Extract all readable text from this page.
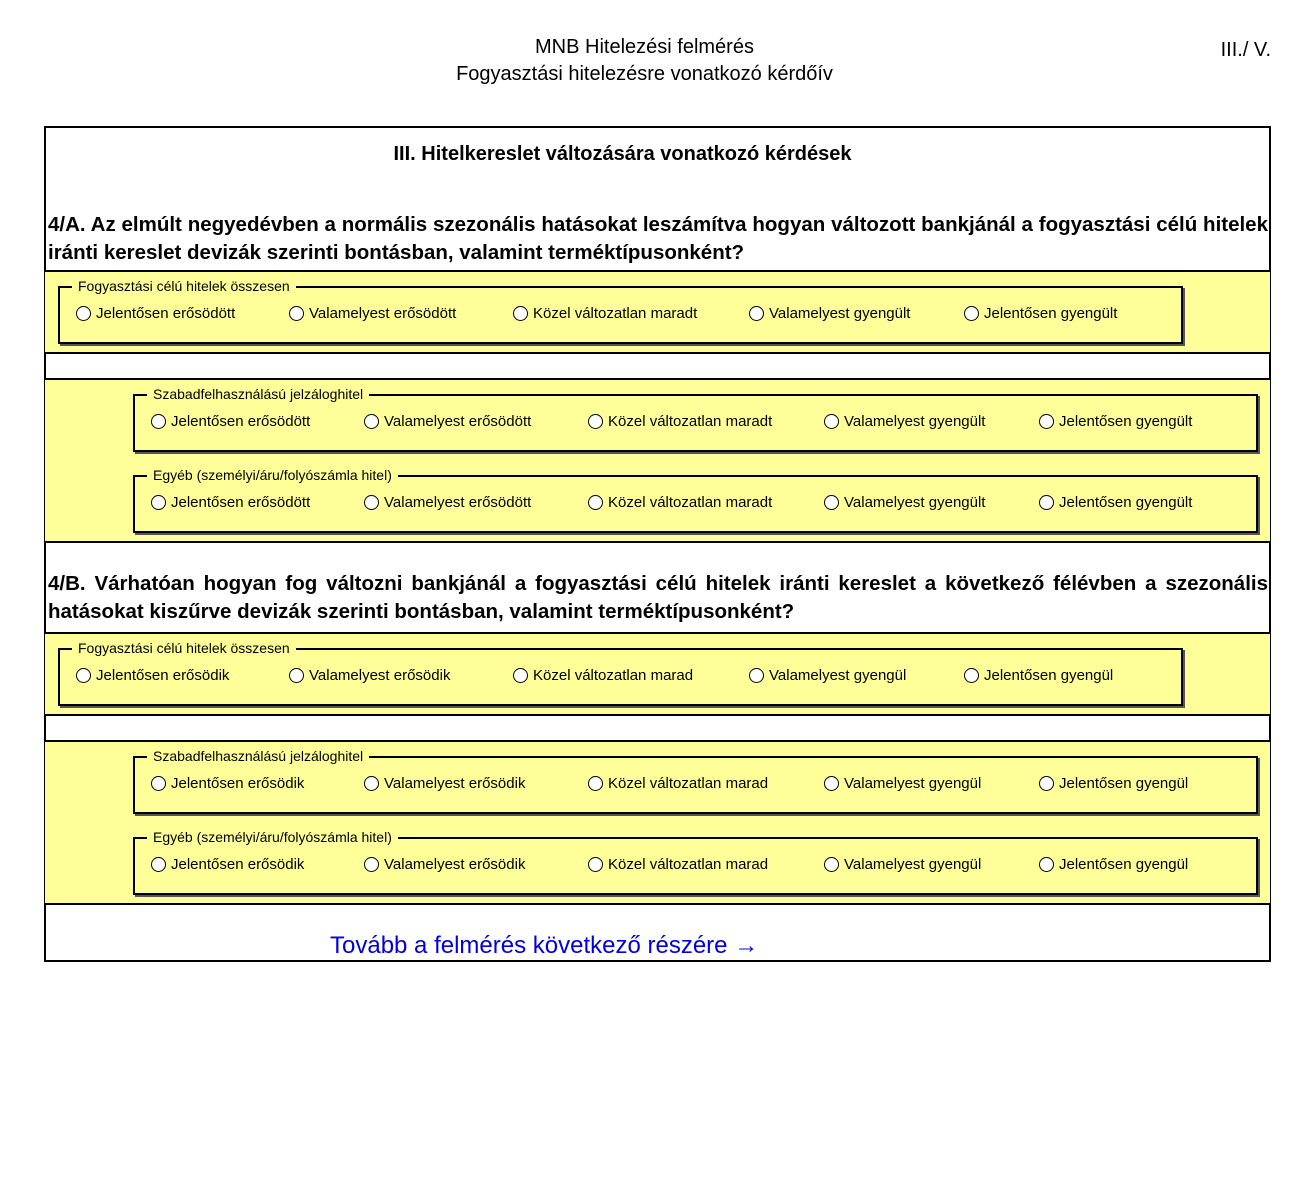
MNB Hitelezési felmérés
Fogyasztási hitelezésre vonatkozó kérdőív
III./ V.
III. Hitelkereslet változására vonatkozó kérdések
4/A. Az elmúlt negyedévben a normális szezonális hatásokat leszámítva hogyan változott bankjánál a fogyasztási célú hitelek iránti kereslet devizák szerinti bontásban, valamint terméktípusonként?
Fogyasztási célú hitelek összesen
Jelentősen erősödött	Valamelyest erősödött	Közel változatlan maradt	Valamelyest gyengült	Jelentősen gyengült
Szabadfelhasználású jelzáloghitel
Jelentősen erősödött	Valamelyest erősödött	Közel változatlan maradt	Valamelyest gyengült	Jelentősen gyengült
Egyéb (személyi/áru/folyószámla hitel)
Jelentősen erősödött	Valamelyest erősödött	Közel változatlan maradt	Valamelyest gyengült	Jelentősen gyengült
4/B. Várhatóan hogyan fog változni bankjánál a fogyasztási célú hitelek iránti kereslet a következő félévben a szezonális hatásokat kiszűrve devizák szerinti bontásban, valamint terméktípusonként?
Fogyasztási célú hitelek összesen
Jelentősen erősödik	Valamelyest erősödik	Közel változatlan marad	Valamelyest gyengül	Jelentősen gyengül
Szabadfelhasználású jelzáloghitel
Jelentősen erősödik	Valamelyest erősödik	Közel változatlan marad	Valamelyest gyengül	Jelentősen gyengül
Egyéb (személyi/áru/folyószámla hitel)
Jelentősen erősödik	Valamelyest erősödik	Közel változatlan marad	Valamelyest gyengül	Jelentősen gyengül
Tovább a felmérés következő részére →
